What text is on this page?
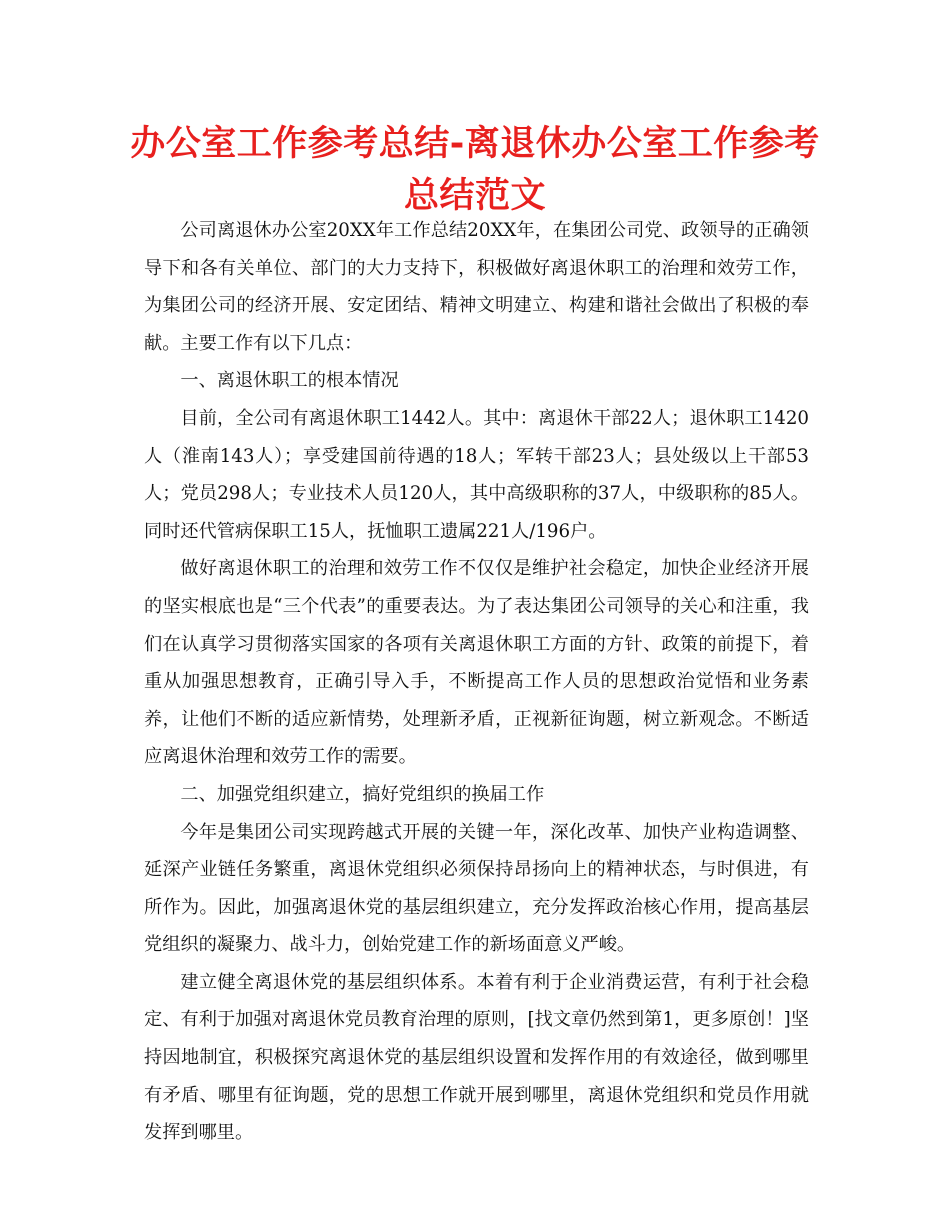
办公室工作参考总结-离退休办公室工作参考总结范文

公司离退休办公室20XX年工作总结20XX年，在集团公司党、政领导的正确领导下和各有关单位、部门的大力支持下，积极做好离退休职工的治理和效劳工作，为集团公司的经济开展、安定团结、精神文明建立、构建和谐社会做出了积极的奉献。主要工作有以下几点：

一、离退休职工的根本情况

目前，全公司有离退休职工1442人。其中：离退休干部22人；退休职工1420人（淮南143人）；享受建国前待遇的18人；军转干部23人；县处级以上干部53人；党员298人；专业技术人员120人，其中高级职称的37人，中级职称的85人。同时还代管病保职工15人，抚恤职工遗属221人/196户。

做好离退休职工的治理和效劳工作不仅仅是维护社会稳定，加快企业经济开展的坚实根底也是“三个代表”的重要表达。为了表达集团公司领导的关心和注重，我们在认真学习贯彻落实国家的各项有关离退休职工方面的方针、政策的前提下，着重从加强思想教育，正确引导入手，不断提高工作人员的思想政治觉悟和业务素养，让他们不断的适应新情势，处理新矛盾，正视新征询题，树立新观念。不断适应离退休治理和效劳工作的需要。

二、加强党组织建立，搞好党组织的换届工作

今年是集团公司实现跨越式开展的关键一年，深化改革、加快产业构造调整、延深产业链任务繁重，离退休党组织必须保持昂扬向上的精神状态，与时俱进，有所作为。因此，加强离退休党的基层组织建立，充分发挥政治核心作用，提高基层党组织的凝聚力、战斗力，创始党建工作的新场面意义严峻。

建立健全离退休党的基层组织体系。本着有利于企业消费运营，有利于社会稳定、有利于加强对离退休党员教育治理的原则，[找文章仍然到第1，更多原创！]坚持因地制宜，积极探究离退休党的基层组织设置和发挥作用的有效途径，做到哪里有矛盾、哪里有征询题，党的思想工作就开展到哪里，离退休党组织和党员作用就发挥到哪里。
